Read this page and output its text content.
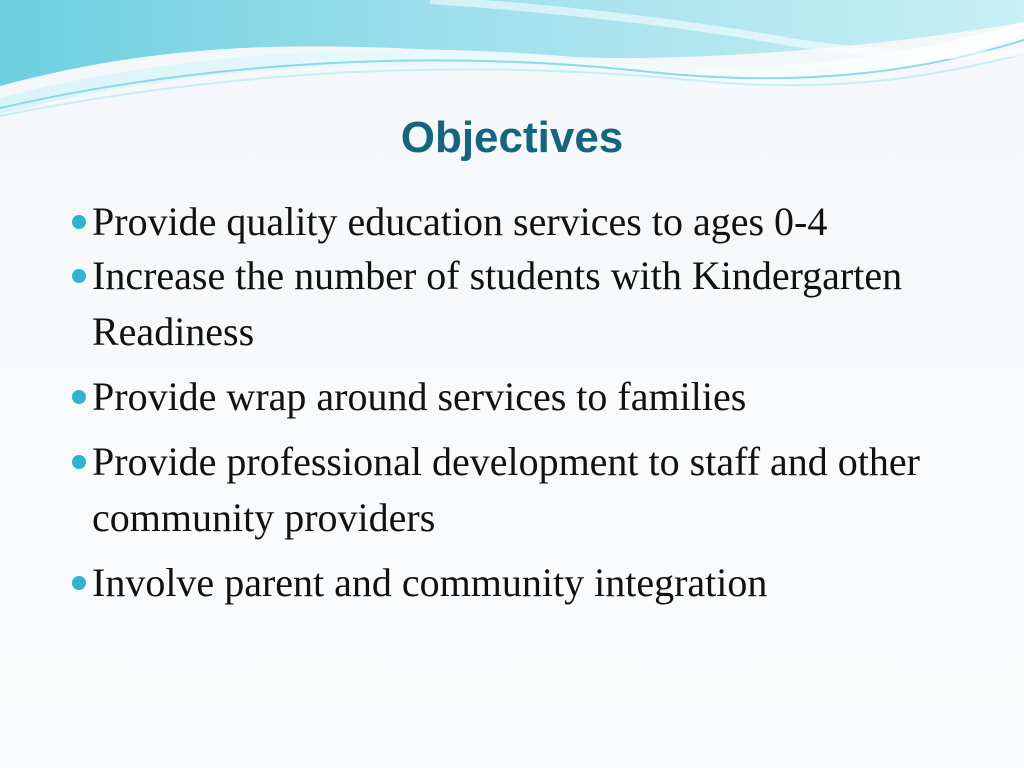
Objectives
Provide quality education services to ages 0-4
Increase the number of students with Kindergarten Readiness
Provide wrap around services to families
Provide professional development to staff and other community providers
Involve parent and community integration
